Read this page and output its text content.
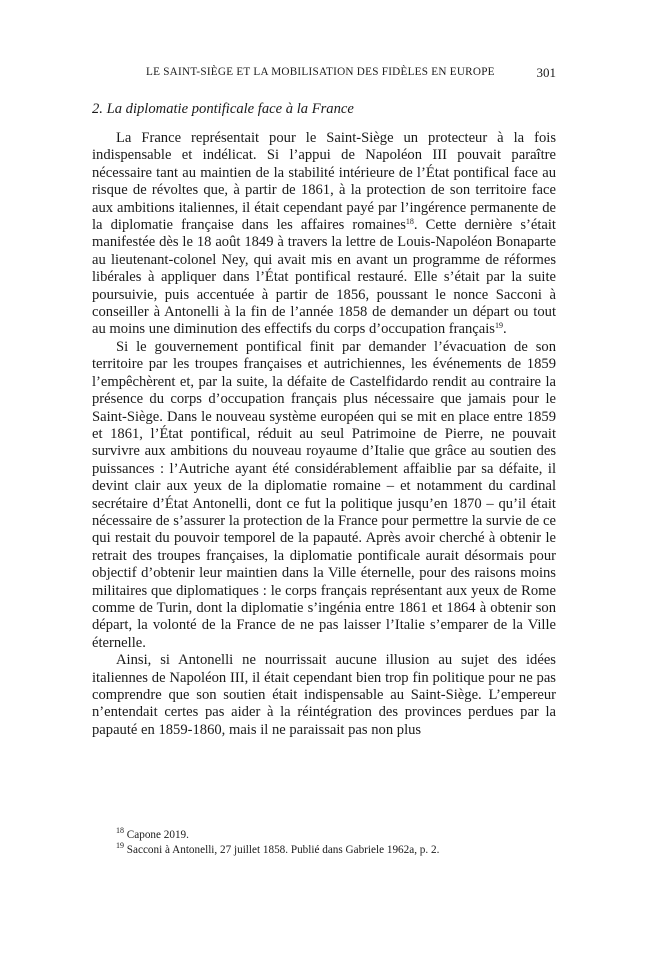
LE SAINT-SIÈGE ET LA MOBILISATION DES FIDÈLES EN EUROPE	301
2. La diplomatie pontificale face à la France

La France représentait pour le Saint-Siège un protecteur à la fois indispensable et indélicat. Si l’appui de Napoléon III pouvait paraître nécessaire tant au maintien de la stabilité intérieure de l’État pontifical face au risque de révoltes que, à partir de 1861, à la protection de son territoire face aux ambitions italiennes, il était cependant payé par l’ingérence permanente de la diplomatie française dans les affaires romaines$^{18}$. Cette dernière s’était manifestée dès le 18 août 1849 à travers la lettre de Louis-Napoléon Bonaparte au lieutenant-colonel Ney, qui avait mis en avant un programme de réformes libérales à appliquer dans l’État pontifical restauré. Elle s’était par la suite poursuivie, puis accentuée à partir de 1856, poussant le nonce Sacconi à conseiller à Antonelli à la fin de l’année 1858 de demander un départ ou tout au moins une diminution des effectifs du corps d’occupation français$^{19}$.

Si le gouvernement pontifical finit par demander l’évacuation de son territoire par les troupes françaises et autrichiennes, les événements de 1859 l’empêchèrent et, par la suite, la défaite de Castelfidardo rendit au contraire la présence du corps d’occupation français plus nécessaire que jamais pour le Saint-Siège. Dans le nouveau système européen qui se mit en place entre 1859 et 1861, l’État pontifical, réduit au seul Patrimoine de Pierre, ne pouvait survivre aux ambitions du nouveau royaume d’Italie que grâce au soutien des puissances : l’Autriche ayant été considérablement affaiblie par sa défaite, il devint clair aux yeux de la diplomatie romaine – et notamment du cardinal secrétaire d’État Antonelli, dont ce fut la politique jusqu’en 1870 – qu’il était nécessaire de s’assurer la protection de la France pour permettre la survie de ce qui restait du pouvoir temporel de la papauté. Après avoir cherché à obtenir le retrait des troupes françaises, la diplomatie pontificale aurait désormais pour objectif d’obtenir leur maintien dans la Ville éternelle, pour des raisons moins militaires que diplomatiques : le corps français représentant aux yeux de Rome comme de Turin, dont la diplomatie s’ingénia entre 1861 et 1864 à obtenir son départ, la volonté de la France de ne pas laisser l’Italie s’emparer de la Ville éternelle.

Ainsi, si Antonelli ne nourrissait aucune illusion au sujet des idées italiennes de Napoléon III, il était cependant bien trop fin politique pour ne pas comprendre que son soutien était indispensable au Saint-Siège. L’empereur n’entendait certes pas aider à la réintégration des provinces perdues par la papauté en 1859-1860, mais il ne paraissait pas non plus

$^{18}$ Capone 2019.
$^{19}$ Sacconi à Antonelli, 27 juillet 1858. Publié dans Gabriele 1962a, p. 2.
